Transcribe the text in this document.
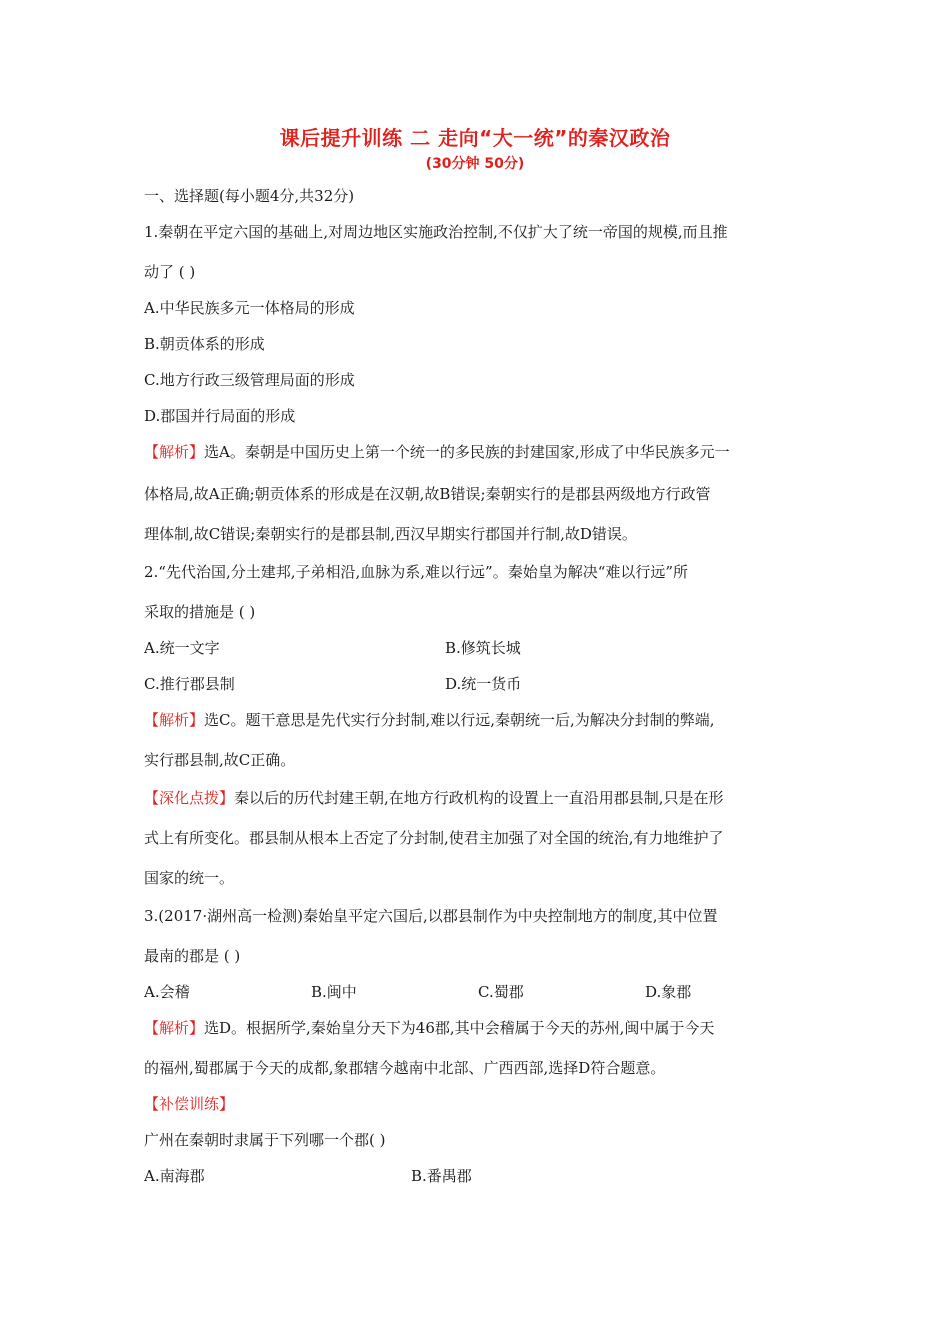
课后提升训练 二 走向“大一统”的秦汉政治
(30分钟 50分)
一、选择题(每小题4分,共32分)
1.秦朝在平定六国的基础上,对周边地区实施政治控制,不仅扩大了统一帝国的规模,而且推
动了 ( )
A.中华民族多元一体格局的形成
B.朝贡体系的形成
C.地方行政三级管理局面的形成
D.郡国并行局面的形成
【解析】选A。秦朝是中国历史上第一个统一的多民族的封建国家,形成了中华民族多元一
体格局,故A正确;朝贡体系的形成是在汉朝,故B错误;秦朝实行的是郡县两级地方行政管
理体制,故C错误;秦朝实行的是郡县制,西汉早期实行郡国并行制,故D错误。
2.“先代治国,分土建邦,子弟相沿,血脉为系,难以行远”。秦始皇为解决“难以行远”所
采取的措施是 ( )
A.统一文字	B.修筑长城
C.推行郡县制	D.统一货币
【解析】选C。题干意思是先代实行分封制,难以行远,秦朝统一后,为解决分封制的弊端,
实行郡县制,故C正确。
【深化点拨】秦以后的历代封建王朝,在地方行政机构的设置上一直沿用郡县制,只是在形
式上有所变化。郡县制从根本上否定了分封制,使君主加强了对全国的统治,有力地维护了
国家的统一。
3.(2017·湖州高一检测)秦始皇平定六国后,以郡县制作为中央控制地方的制度,其中位置
最南的郡是 ( )
A.会稽	B.闽中	C.蜀郡	D.象郡
【解析】选D。根据所学,秦始皇分天下为46郡,其中会稽属于今天的苏州,闽中属于今天
的福州,蜀郡属于今天的成都,象郡辖今越南中北部、广西西部,选择D符合题意。
【补偿训练】
广州在秦朝时隶属于下列哪一个郡( )
A.南海郡	B.番禺郡
